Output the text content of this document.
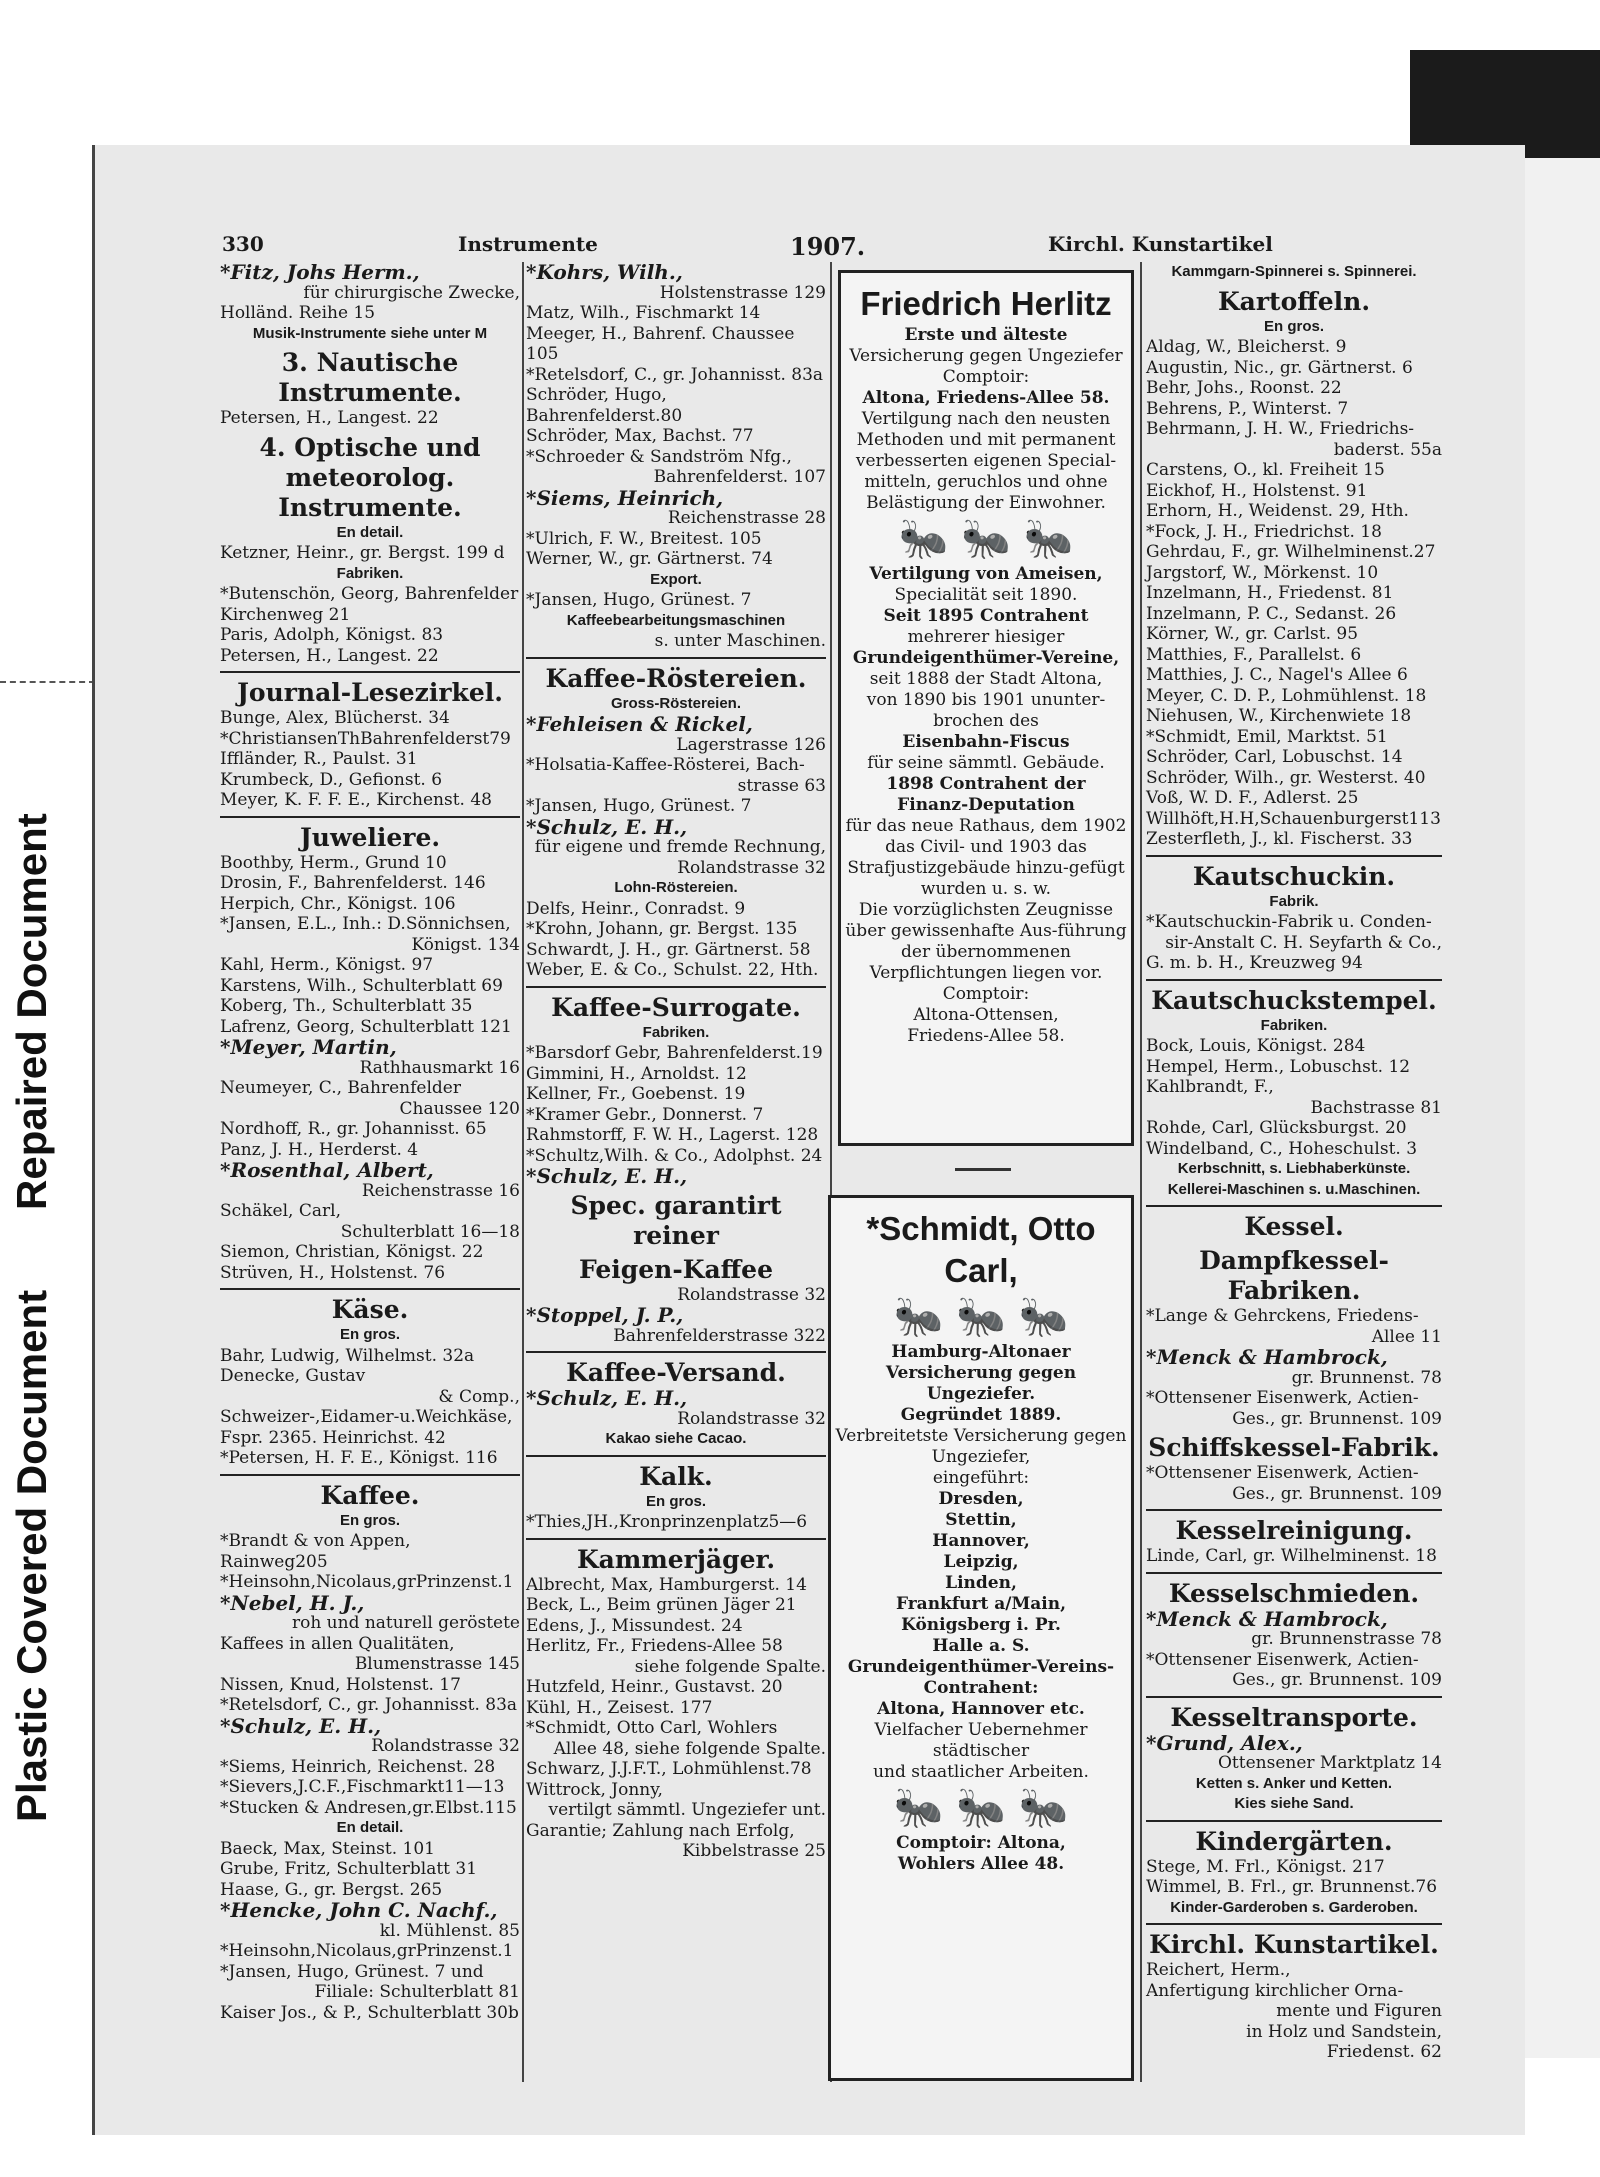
Repaired Document
Plastic Covered Document
330	Instrumente	1907.	Kirchl. Kunstartikel
*Fitz, Johs Herm.,
für chirurgische Zwecke,
Holländ. Reihe 15
Musik-Instrumente siehe unter M
3. Nautische Instrumente.
Petersen, H., Langest. 22
4. Optische und meteorolog. Instrumente.
En detail.
Ketzner, Heinr., gr. Bergst. 199 d
Fabriken.
*Butenschön, Georg, Bahrenfelder
Kirchenweg 21
Paris, Adolph, Königst. 83
Petersen, H., Langest. 22
Journal-Lesezirkel.
Bunge, Alex, Blücherst. 34
*ChristiansenThBahrenfelderst79
Iffländer, R., Paulst. 31
Krumbeck, D., Gefionst. 6
Meyer, K. F. F. E., Kirchenst. 48
Juweliere.
Boothby, Herm., Grund 10
Drosin, F., Bahrenfelderst. 146
Herpich, Chr., Königst. 106
*Jansen, E.L., Inh.: D.Sönnichsen,
Königst. 134
Kahl, Herm., Königst. 97
Karstens, Wilh., Schulterblatt 69
Koberg, Th., Schulterblatt 35
Lafrenz, Georg, Schulterblatt 121
*Meyer, Martin,
Rathhausmarkt 16
Neumeyer, C., Bahrenfelder
Chaussee 120
Nordhoff, R., gr. Johannisst. 65
Panz, J. H., Herderst. 4
*Rosenthal, Albert,
Reichenstrasse 16
Schäkel, Carl,
Schulterblatt 16—18
Siemon, Christian, Königst. 22
Strüven, H., Holstenst. 76
Käse.
En gros.
Bahr, Ludwig, Wilhelmst. 32a
Denecke, Gustav
& Comp.,
Schweizer-,Eidamer-u.Weichkäse,
Fspr. 2365. Heinrichst. 42
*Petersen, H. F. E., Königst. 116
Kaffee.
En gros.
*Brandt & von Appen, Rainweg205
*Heinsohn,Nicolaus,grPrinzenst.1
*Nebel, H. J.,
roh und naturell geröstete
Kaffees in allen Qualitäten,
Blumenstrasse 145
Nissen, Knud, Holstenst. 17
*Retelsdorf, C., gr. Johannisst. 83a
*Schulz, E. H.,
Rolandstrasse 32
*Siems, Heinrich, Reichenst. 28
*Sievers,J.C.F.,Fischmarkt11—13
*Stucken & Andresen,gr.Elbst.115
En detail.
Baeck, Max, Steinst. 101
Grube, Fritz, Schulterblatt 31
Haase, G., gr. Bergst. 265
*Hencke, John C. Nachf.,
kl. Mühlenst. 85
*Heinsohn,Nicolaus,grPrinzenst.1
*Jansen, Hugo, Grünest. 7 und
Filiale: Schulterblatt 81
Kaiser Jos., & P., Schulterblatt 30b
*Kohrs, Wilh.,
Holstenstrasse 129
Matz, Wilh., Fischmarkt 14
Meeger, H., Bahrenf. Chaussee 105
*Retelsdorf, C., gr. Johannisst. 83a
Schröder, Hugo, Bahrenfelderst.80
Schröder, Max, Bachst. 77
*Schroeder & Sandström Nfg.,
Bahrenfelderst. 107
*Siems, Heinrich,
Reichenstrasse 28
*Ulrich, F. W., Breitest. 105
Werner, W., gr. Gärtnerst. 74
Export.
*Jansen, Hugo, Grünest. 7
Kaffeebearbeitungsmaschinen
s. unter Maschinen.
Kaffee-Röstereien.
Gross-Röstereien.
*Fehleisen & Rickel,
Lagerstrasse 126
*Holsatia-Kaffee-Rösterei, Bach-
strasse 63
*Jansen, Hugo, Grünest. 7
*Schulz, E. H.,
für eigene und fremde Rechnung,
Rolandstrasse 32
Lohn-Röstereien.
Delfs, Heinr., Conradst. 9
*Krohn, Johann, gr. Bergst. 135
Schwardt, J. H., gr. Gärtnerst. 58
Weber, E. & Co., Schulst. 22, Hth.
Kaffee-Surrogate.
Fabriken.
*Barsdorf Gebr, Bahrenfelderst.19
Gimmini, H., Arnoldst. 12
Kellner, Fr., Goebenst. 19
*Kramer Gebr., Donnerst. 7
Rahmstorff, F. W. H., Lagerst. 128
*Schultz,Wilh. & Co., Adolphst. 24
*Schulz, E. H.,
Spec. garantirt reiner
Feigen-Kaffee
Rolandstrasse 32
*Stoppel, J. P.,
Bahrenfelderstrasse 322
Kaffee-Versand.
*Schulz, E. H.,
Rolandstrasse 32
Kakao siehe Cacao.
Kalk.
En gros.
*Thies,JH.,Kronprinzenplatz5—6
Kammerjäger.
Albrecht, Max, Hamburgerst. 14
Beck, L., Beim grünen Jäger 21
Edens, J., Missundest. 24
Herlitz, Fr., Friedens-Allee 58
siehe folgende Spalte.
Hutzfeld, Heinr., Gustavst. 20
Kühl, H., Zeisest. 177
*Schmidt, Otto Carl, Wohlers
Allee 48, siehe folgende Spalte.
Schwarz, J.J.F.T., Lohmühlenst.78
Wittrock, Jonny,
vertilgt sämmtl. Ungeziefer unt.
Garantie; Zahlung nach Erfolg,
Kibbelstrasse 25
Kammgarn-Spinnerei s. Spinnerei.
Kartoffeln.
En gros.
Aldag, W., Bleicherst. 9
Augustin, Nic., gr. Gärtnerst. 6
Behr, Johs., Roonst. 22
Behrens, P., Winterst. 7
Behrmann, J. H. W., Friedrichs-
baderst. 55a
Carstens, O., kl. Freiheit 15
Eickhof, H., Holstenst. 91
Erhorn, H., Weidenst. 29, Hth.
*Fock, J. H., Friedrichst. 18
Gehrdau, F., gr. Wilhelminenst.27
Jargstorf, W., Mörkenst. 10
Inzelmann, H., Friedenst. 81
Inzelmann, P. C., Sedanst. 26
Körner, W., gr. Carlst. 95
Matthies, F., Parallelst. 6
Matthies, J. C., Nagel's Allee 6
Meyer, C. D. P., Lohmühlenst. 18
Niehusen, W., Kirchenwiete 18
*Schmidt, Emil, Marktst. 51
Schröder, Carl, Lobuschst. 14
Schröder, Wilh., gr. Westerst. 40
Voß, W. D. F., Adlerst. 25
Willhöft,H.H,Schauenburgerst113
Zesterfleth, J., kl. Fischerst. 33
Kautschuckin.
Fabrik.
*Kautschuckin-Fabrik u. Conden-
sir-Anstalt C. H. Seyfarth & Co.,
G. m. b. H., Kreuzweg 94
Kautschuckstempel.
Fabriken.
Bock, Louis, Königst. 284
Hempel, Herm., Lobuschst. 12
Kahlbrandt, F.,
Bachstrasse 81
Rohde, Carl, Glücksburgst. 20
Windelband, C., Hoheschulst. 3
Kerbschnitt, s. Liebhaberkünste.
Kellerei-Maschinen s. u.Maschinen.
Kessel.
Dampfkessel-Fabriken.
*Lange & Gehrckens, Friedens-
Allee 11
*Menck & Hambrock,
gr. Brunnenst. 78
*Ottensener Eisenwerk, Actien-
Ges., gr. Brunnenst. 109
Schiffskessel-Fabrik.
*Ottensener Eisenwerk, Actien-
Ges., gr. Brunnenst. 109
Kesselreinigung.
Linde, Carl, gr. Wilhelminenst. 18
Kesselschmieden.
*Menck & Hambrock,
gr. Brunnenstrasse 78
*Ottensener Eisenwerk, Actien-
Ges., gr. Brunnenst. 109
Kesseltransporte.
*Grund, Alex.,
Ottensener Marktplatz 14
Ketten s. Anker und Ketten.
Kies siehe Sand.
Kindergärten.
Stege, M. Frl., Königst. 217
Wimmel, B. Frl., gr. Brunnenst.76
Kinder-Garderoben s. Garderoben.
Kirchl. Kunstartikel.
Reichert, Herm.,
Anfertigung kirchlicher Orna-
mente und Figuren
in Holz und Sandstein,
Friedenst. 62
Friedrich Herlitz
Erste und älteste
Versicherung gegen Ungeziefer
Comptoir:
Altona, Friedens-Allee 58.
Vertilgung nach den neusten Methoden und mit permanent verbesserten eigenen Special-mitteln, geruchlos und ohne Belästigung der Einwohner.
🐜 🐜 🐜
Vertilgung von Ameisen,
Specialität seit 1890.
Seit 1895 Contrahent
mehrerer hiesiger
Grundeigenthümer-Vereine,
seit 1888 der Stadt Altona,
von 1890 bis 1901 ununter-brochen des
Eisenbahn-Fiscus
für seine sämmtl. Gebäude.
1898 Contrahent der
Finanz-Deputation
für das neue Rathaus, dem 1902 das Civil- und 1903 das Strafjustizgebäude hinzu-gefügt wurden u. s. w.
Die vorzüglichsten Zeugnisse über gewissenhafte Aus-führung der übernommenen Verpflichtungen liegen vor.
Comptoir:
Altona-Ottensen,
Friedens-Allee 58.
*Schmidt, Otto Carl,
🐜 🐜 🐜
Hamburg-Altonaer Versicherung gegen Ungeziefer.
Gegründet 1889.
Verbreitetste Versicherung gegen Ungeziefer,
eingeführt:
Dresden,
Stettin,
Hannover,
Leipzig,
Linden,
Frankfurt a/Main,
Königsberg i. Pr.
Halle a. S.
Grundeigenthümer-Vereins-Contrahent:
Altona, Hannover etc.
Vielfacher Uebernehmer städtischer
und staatlicher Arbeiten.
🐜 🐜 🐜
Comptoir: Altona,
Wohlers Allee 48.
